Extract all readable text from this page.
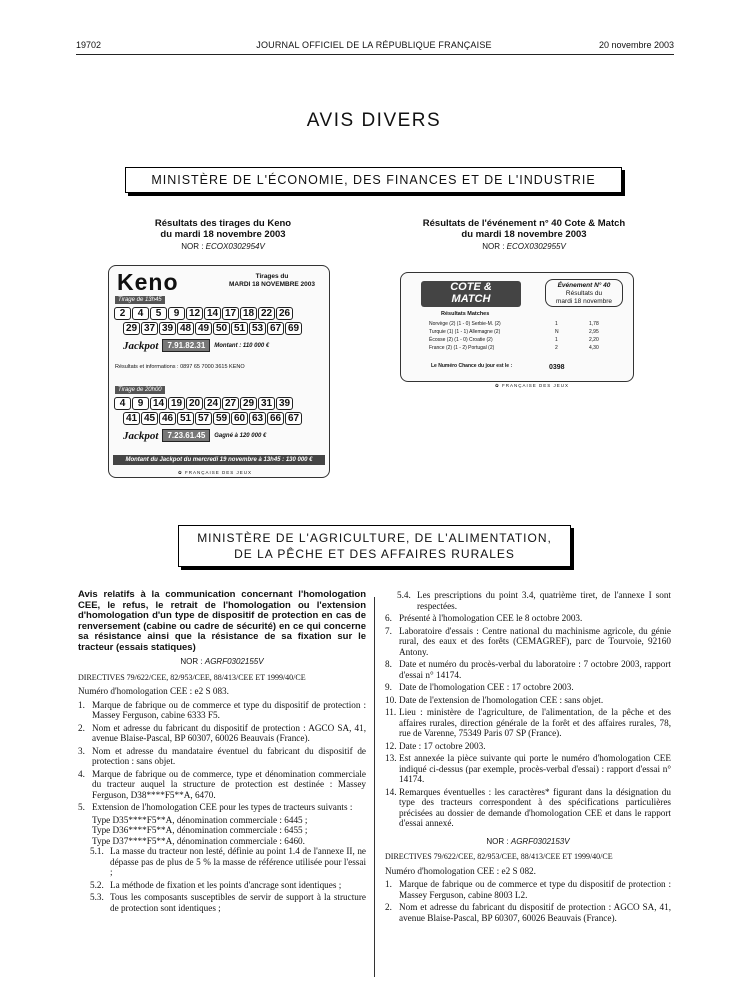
19702	JOURNAL OFFICIEL DE LA RÉPUBLIQUE FRANÇAISE	20 novembre 2003
AVIS DIVERS
MINISTÈRE DE L'ÉCONOMIE, DES FINANCES ET DE L'INDUSTRIE
Résultats des tirages du Keno
du mardi 18 novembre 2003
NOR : ECOX0302954V
Résultats de l'événement n° 40 Cote & Match
du mardi 18 novembre 2003
NOR : ECOX0302955V
Keno	Tirages du
MARDI 18 NOVEMBRE 2003
Tirage de 13h45
2	4	5	9 12 14 17 18 22 26
29 37 39 48 49 50 51 53 67 69
Jackpot	7.91.82.31	Montant : 110 000 €
Résultats et informations : 0897 65 7000 3615 KENO
Tirage de 20h00
4	9 14 19 20 24 27 29 31 39
41 45 46 51 57 59 60 63 66 67
Jackpot	7.23.61.45	Gagné à 120 000 €
Montant du Jackpot du mercredi 19 novembre à 13h45 : 130 000 €
✿ FRANÇAISE DES JEUX
COTE &
MATCH
Événement N° 40
Résultats du
mardi 18 novembre
Résultats Matches
Norvège (2) (1 - 0) Serbie-M. (2)	1	1,78
Turquie (1) (1 - 1) Allemagne (2)	N	2,95
Écosse (2) (1 - 0) Croatie (2)	1	2,20
France (2) (1 - 2) Portugal (2)	2	4,30
Le Numéro Chance du jour est le :	0398
✿ FRANÇAISE DES JEUX
MINISTÈRE DE L'AGRICULTURE, DE L'ALIMENTATION,
DE LA PÊCHE ET DES AFFAIRES RURALES
Avis relatifs à la communication concernant l'homologation CEE, le refus, le retrait de l'homologation ou l'extension d'homologation d'un type de dispositif de protection en cas de renversement (cabine ou cadre de sécurité) en ce qui concerne sa résistance ainsi que la résistance de sa fixation sur le tracteur (essais statiques)
NOR : AGRF0302155V
DIRECTIVES 79/622/CEE, 82/953/CEE, 88/413/CEE ET 1999/40/CE
Numéro d'homologation CEE : e2 S 083.
1. Marque de fabrique ou de commerce et type du dispositif de protection : Massey Ferguson, cabine 6333 F5.
2. Nom et adresse du fabricant du dispositif de protection : AGCO SA, 41, avenue Blaise-Pascal, BP 60307, 60026 Beauvais (France).
3. Nom et adresse du mandataire éventuel du fabricant du dispositif de protection : sans objet.
4. Marque de fabrique ou de commerce, type et dénomination commerciale du tracteur auquel la structure de protection est destinée : Massey Ferguson, D38****F5**A, 6470.
5. Extension de l'homologation CEE pour les types de tracteurs suivants :
Type D35****F5**A, dénomination commerciale : 6445 ;
Type D36****F5**A, dénomination commerciale : 6455 ;
Type D37****F5**A, dénomination commerciale : 6460.
5.1. La masse du tracteur non lesté, définie au point 1.4 de l'annexe II, ne dépasse pas de plus de 5 % la masse de référence utilisée pour l'essai ;
5.2. La méthode de fixation et les points d'ancrage sont identiques ;
5.3. Tous les composants susceptibles de servir de support à la structure de protection sont identiques ;
5.4. Les prescriptions du point 3.4, quatrième tiret, de l'annexe I sont respectées.
6. Présenté à l'homologation CEE le 8 octobre 2003.
7. Laboratoire d'essais : Centre national du machinisme agricole, du génie rural, des eaux et des forêts (CEMAGREF), parc de Tourvoie, 92160 Antony.
8. Date et numéro du procès-verbal du laboratoire : 7 octobre 2003, rapport d'essai n° 14174.
9. Date de l'homologation CEE : 17 octobre 2003.
10. Date de l'extension de l'homologation CEE : sans objet.
11. Lieu : ministère de l'agriculture, de l'alimentation, de la pêche et des affaires rurales, direction générale de la forêt et des affaires rurales, 78, rue de Varenne, 75349 Paris 07 SP (France).
12. Date : 17 octobre 2003.
13. Est annexée la pièce suivante qui porte le numéro d'homologation CEE indiqué ci-dessus (par exemple, procès-verbal d'essai) : rapport d'essai n° 14174.
14. Remarques éventuelles : les caractères* figurant dans la désignation du type des tracteurs correspondent à des spécifications particulières précisées au dossier de demande d'homologation CEE et dans le rapport d'essai annexé.
NOR : AGRF0302153V
DIRECTIVES 79/622/CEE, 82/953/CEE, 88/413/CEE ET 1999/40/CE
Numéro d'homologation CEE : e2 S 082.
1. Marque de fabrique ou de commerce et type du dispositif de protection : Massey Ferguson, cabine 8003 L2.
2. Nom et adresse du fabricant du dispositif de protection : AGCO SA, 41, avenue Blaise-Pascal, BP 60307, 60026 Beauvais (France).
